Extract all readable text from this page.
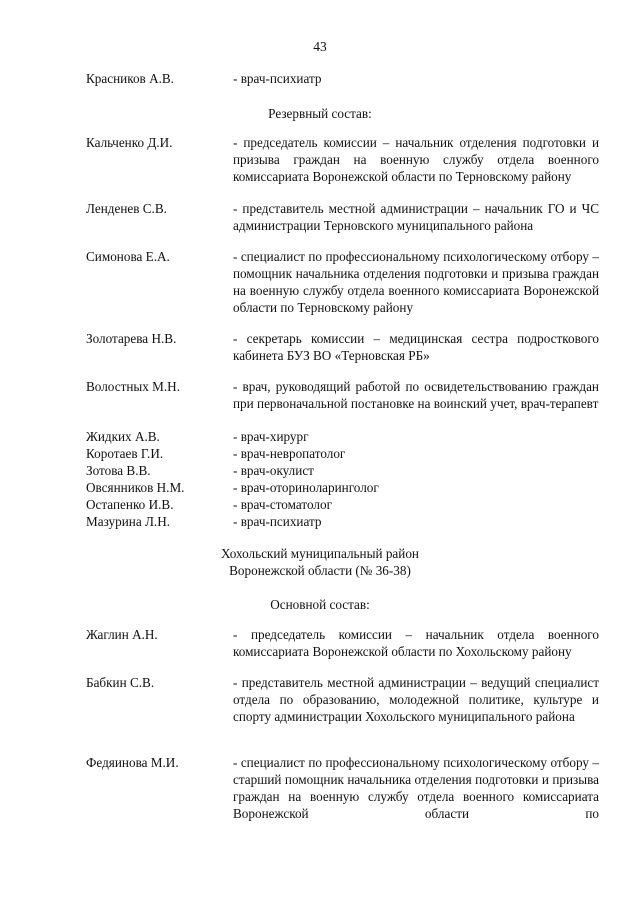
43
Красников А.В.	- врач-психиатр
Резервный состав:
Кальченко Д.И.	- председатель комиссии – начальник отделения подготовки и призыва граждан на военную службу отдела военного комиссариата Воронежской области по Терновскому району
Ленденев С.В.	- представитель местной администрации – начальник ГО и ЧС администрации Терновского муниципального района
Симонова Е.А.	- специалист по профессиональному психологическому отбору – помощник начальника отделения подготовки и призыва граждан на военную службу отдела военного комиссариата Воронежской области по Терновскому району
Золотарева Н.В.	- секретарь комиссии – медицинская сестра подросткового кабинета БУЗ ВО «Терновская РБ»
Волостных М.Н.	- врач, руководящий работой по освидетельствованию граждан при первоначальной постановке на воинский учет, врач-терапевт
Жидких А.В.	- врач-хирург
Коротаев Г.И.	- врач-невропатолог
Зотова В.В.	- врач-окулист
Овсянников Н.М.	- врач-оториноларинголог
Остапенко И.В.	- врач-стоматолог
Мазурина Л.Н.	- врач-психиатр
Хохольский муниципальный район
Воронежской области (№ 36-38)
Основной состав:
Жаглин А.Н.	- председатель комиссии – начальник отдела военного комиссариата Воронежской области по Хохольскому району
Бабкин С.В.	- представитель местной администрации – ведущий специалист отдела по образованию, молодежной политике, культуре и спорту администрации Хохольского муниципального района
Федяинова М.И.	- специалист по профессиональному психологическому отбору – старший помощник начальника отделения подготовки и призыва граждан на военную службу отдела военного комиссариата Воронежской области по
